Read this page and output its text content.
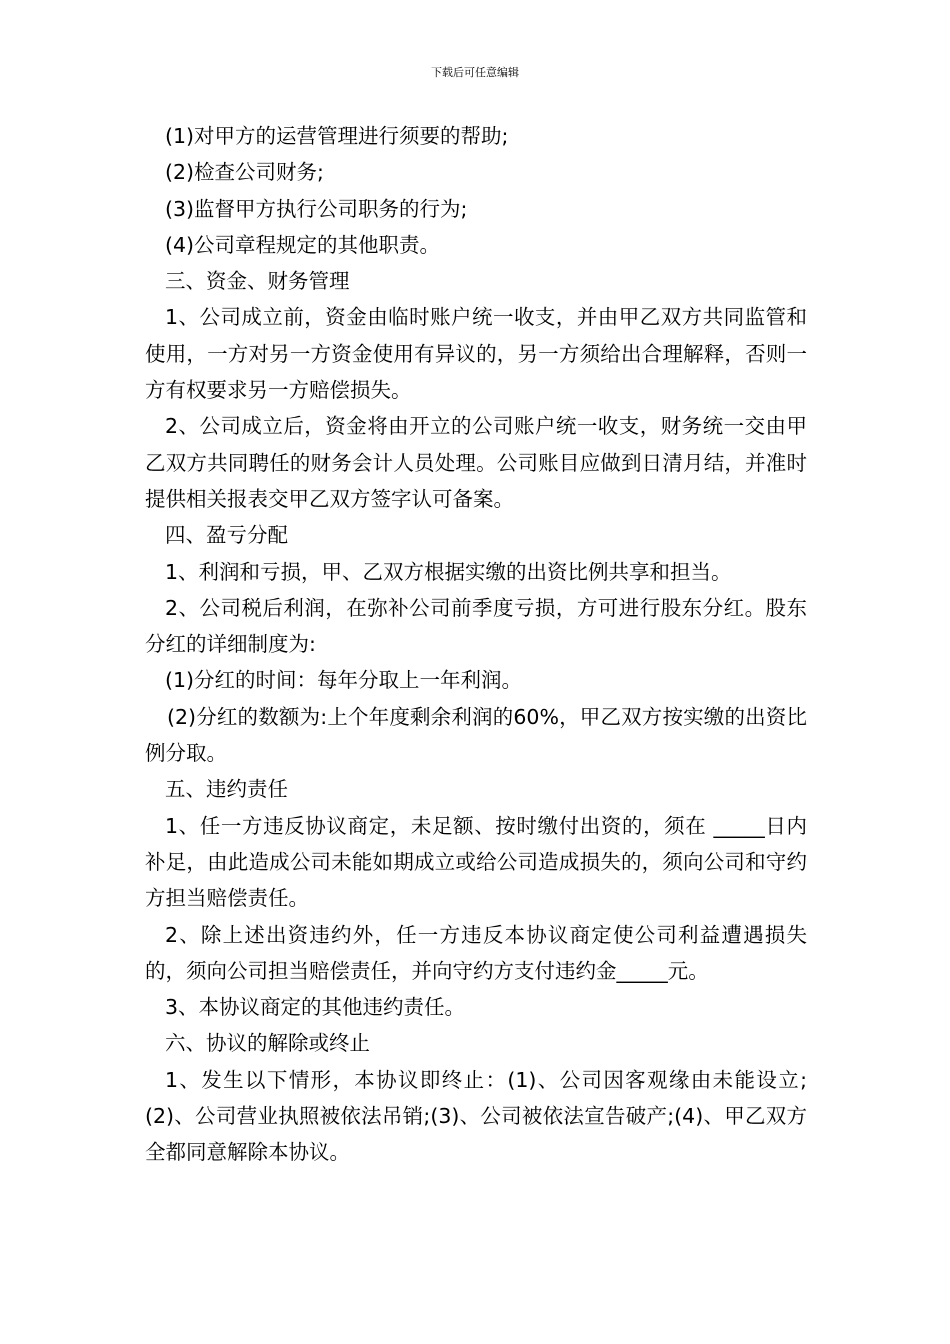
下载后可任意编辑

(1)对甲方的运营管理进行须要的帮助;

(2)检查公司财务;

(3)监督甲方执行公司职务的行为;

(4)公司章程规定的其他职责。

三、资金、财务管理

1、公司成立前，资金由临时账户统一收支，并由甲乙双方共同监管和使用，一方对另一方资金使用有异议的，另一方须给出合理解释，否则一方有权要求另一方赔偿损失。

2、公司成立后，资金将由开立的公司账户统一收支，财务统一交由甲乙双方共同聘任的财务会计人员处理。公司账目应做到日清月结，并准时提供相关报表交甲乙双方签字认可备案。

四、盈亏分配

1、利润和亏损，甲、乙双方根据实缴的出资比例共享和担当。

2、公司税后利润，在弥补公司前季度亏损，方可进行股东分红。股东分红的详细制度为:

(1)分红的时间：每年分取上一年利润。

(2)分红的数额为:上个年度剩余利润的60%，甲乙双方按实缴的出资比例分取。

五、违约责任

1、任一方违反协议商定，未足额、按时缴付出资的，须在 _____日内补足，由此造成公司未能如期成立或给公司造成损失的，须向公司和守约方担当赔偿责任。

2、除上述出资违约外，任一方违反本协议商定使公司利益遭遇损失的，须向公司担当赔偿责任，并向守约方支付违约金_____元。

3、本协议商定的其他违约责任。

六、协议的解除或终止

1、发生以下情形，本协议即终止：(1)、公司因客观缘由未能设立;(2)、公司营业执照被依法吊销;(3)、公司被依法宣告破产;(4)、甲乙双方全都同意解除本协议。
